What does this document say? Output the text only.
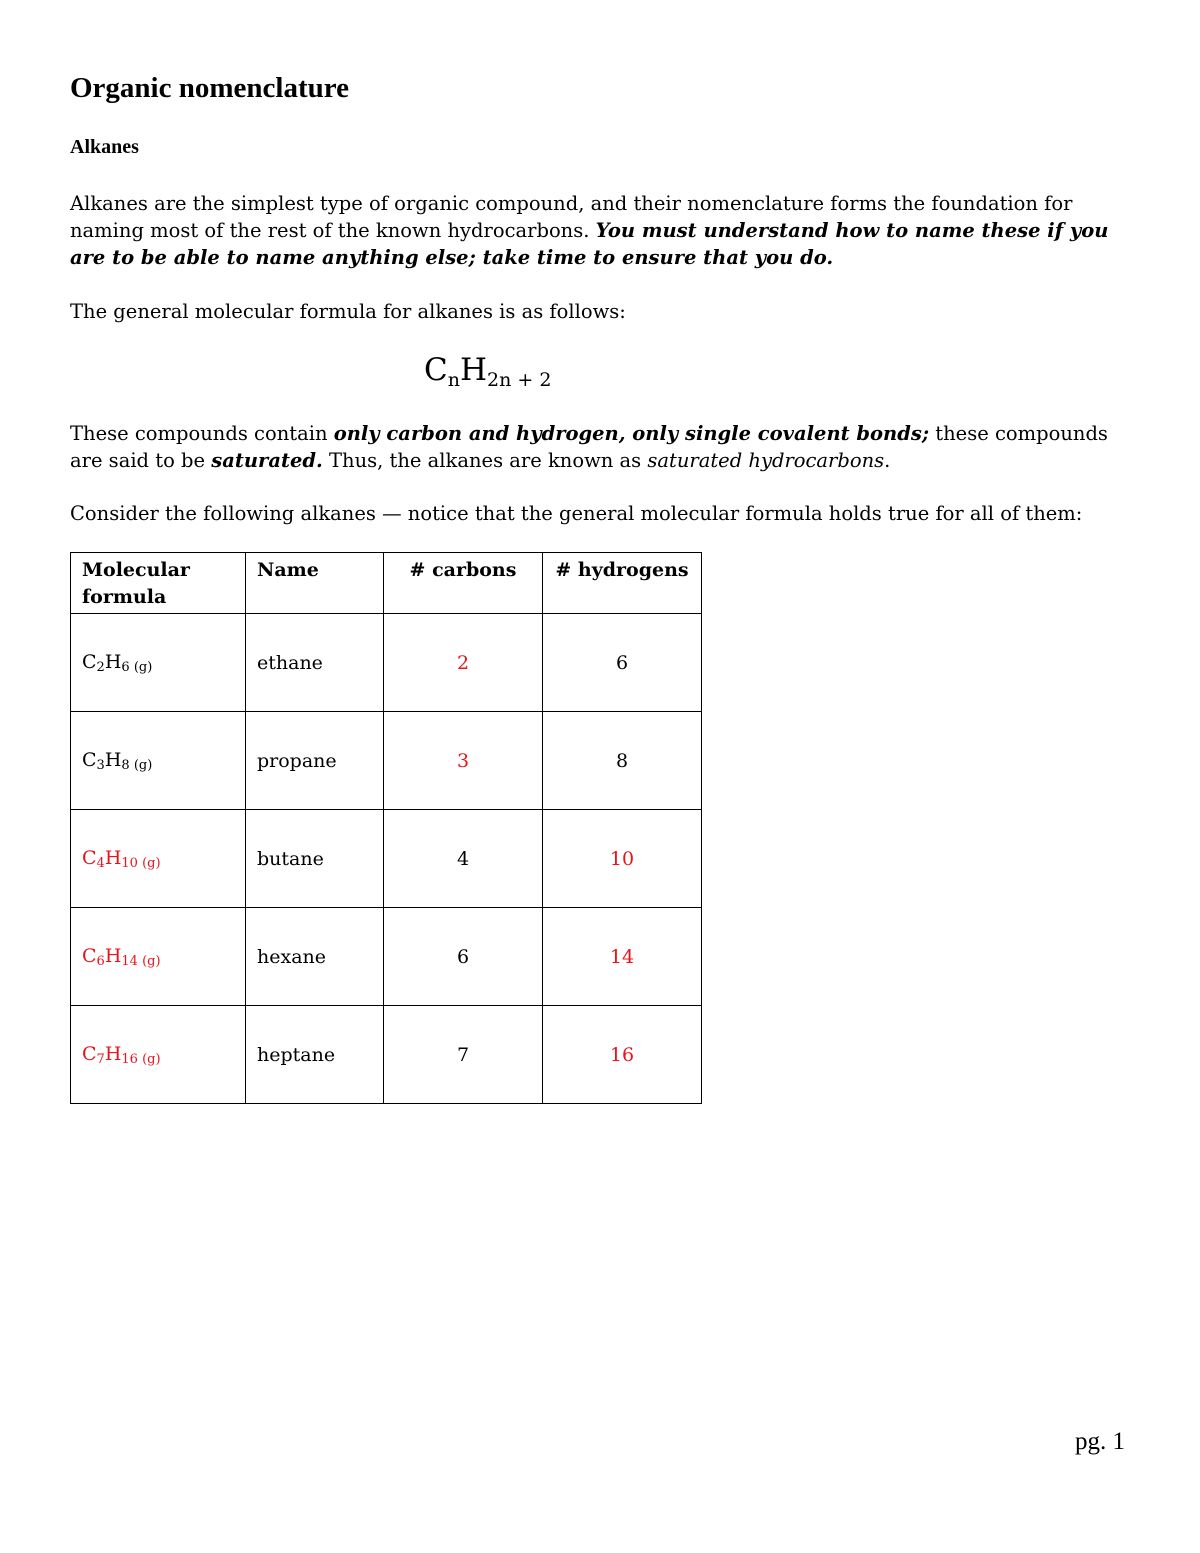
Organic nomenclature
Alkanes

Alkanes are the simplest type of organic compound, and their nomenclature forms the foundation for naming most of the rest of the known hydrocarbons. You must understand how to name these if you are to be able to name anything else; take time to ensure that you do.

The general molecular formula for alkanes is as follows:

$C_nH_{2n + 2}$

These compounds contain only carbon and hydrogen, only single covalent bonds; these compounds are said to be saturated. Thus, the alkanes are known as saturated hydrocarbons.

Consider the following alkanes — notice that the general molecular formula holds true for all of them:

Molecular formula	Name	# carbons	# hydrogens
$C_2H_6$ $_{(g)}$	ethane	2	6
$C_3H_8$ $_{(g)}$	propane	3	8
$C_4H_{10}$ $_{(g)}$	butane	4	10
$C_6H_{14}$ $_{(g)}$	hexane	6	14
$C_7H_{16}$ $_{(g)}$	heptane	7	16
pg. 1
